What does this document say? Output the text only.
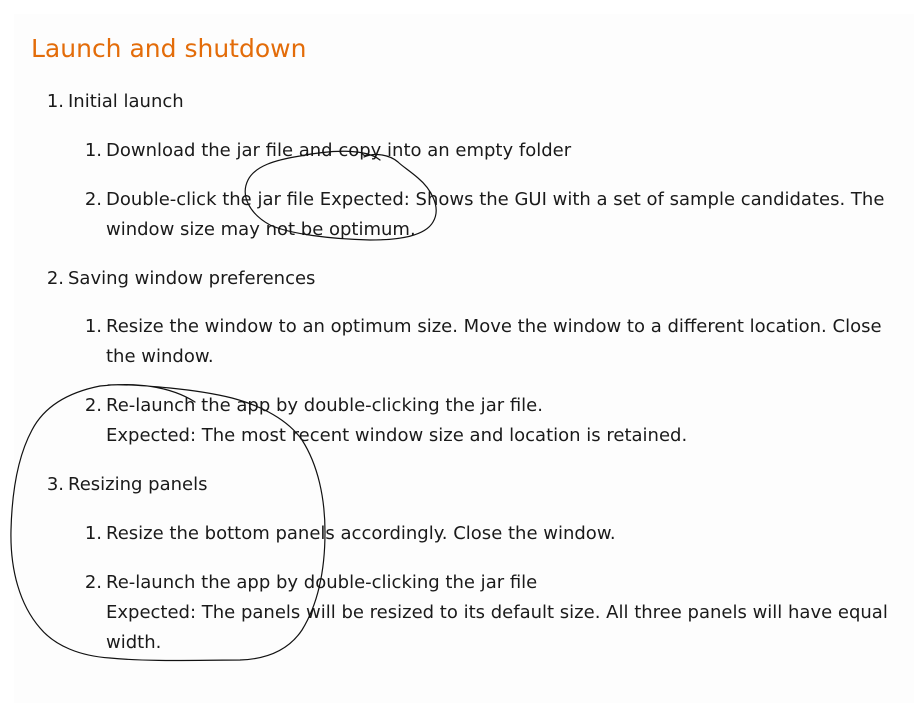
Launch and shutdown
1. Initial launch
1. Download the jar file and copy into an empty folder
2. Double-click the jar file Expected: Shows the GUI with a set of sample candidates. The
window size may not be optimum.
2. Saving window preferences
1. Resize the window to an optimum size. Move the window to a different location. Close
the window.
2. Re-launch the app by double-clicking the jar file.
Expected: The most recent window size and location is retained.
3. Resizing panels
1. Resize the bottom panels accordingly. Close the window.
2. Re-launch the app by double-clicking the jar file
Expected: The panels will be resized to its default size. All three panels will have equal
width.
